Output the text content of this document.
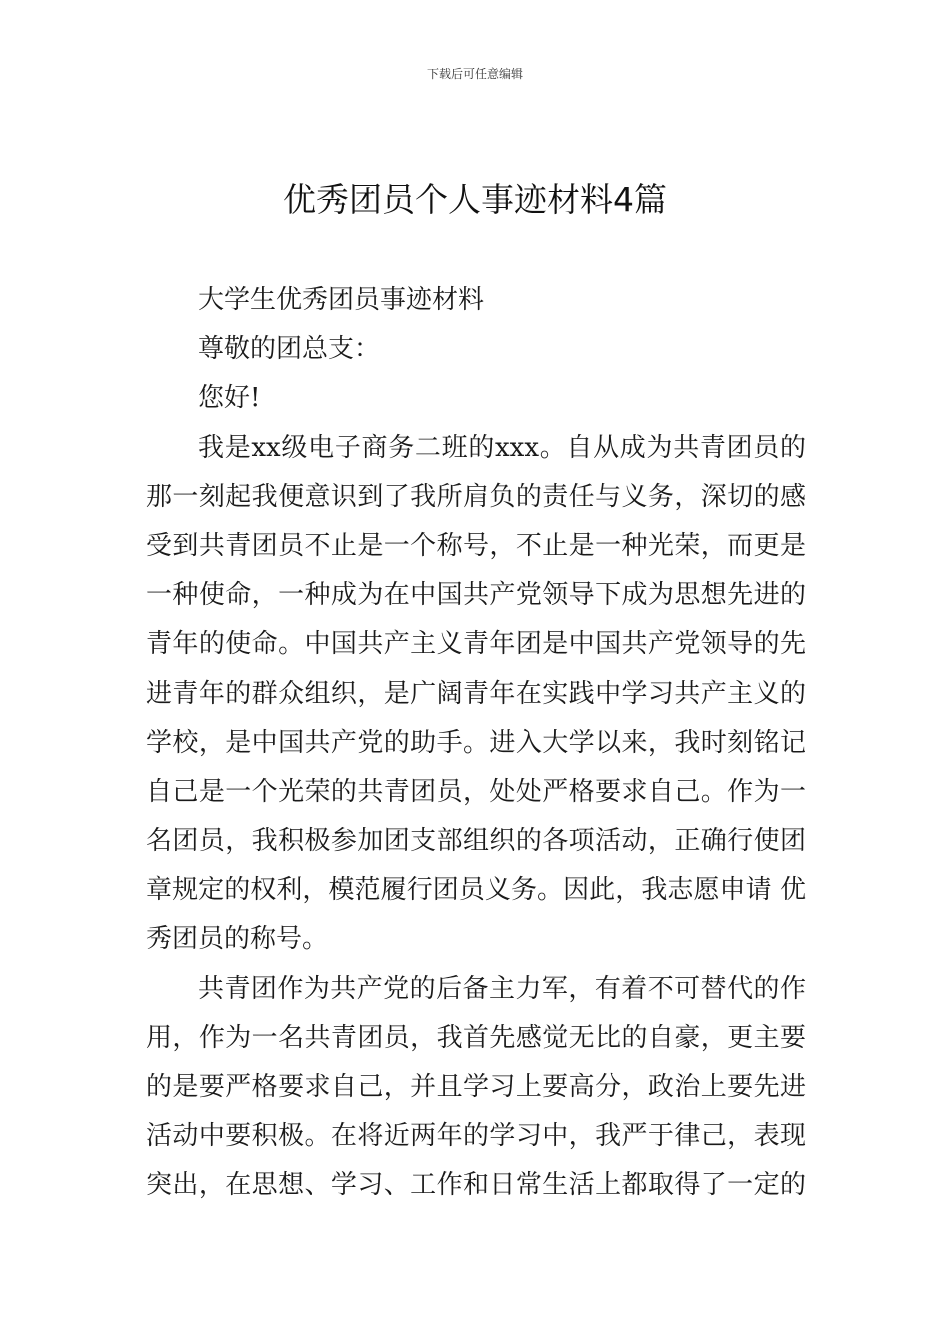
下载后可任意编辑
优秀团员个人事迹材料4篇
大学生优秀团员事迹材料
尊敬的团总支：
您好!
我是xx级电子商务二班的xxx。自从成为共青团员的
那一刻起我便意识到了我所肩负的责任与义务，深切的感
受到共青团员不止是一个称号，不止是一种光荣，而更是
一种使命，一种成为在中国共产党领导下成为思想先进的
青年的使命。中国共产主义青年团是中国共产党领导的先
进青年的群众组织，是广阔青年在实践中学习共产主义的
学校，是中国共产党的助手。进入大学以来，我时刻铭记
自己是一个光荣的共青团员，处处严格要求自己。作为一
名团员，我积极参加团支部组织的各项活动，正确行使团
章规定的权利，模范履行团员义务。因此，我志愿申请 优
秀团员的称号。
共青团作为共产党的后备主力军，有着不可替代的作
用，作为一名共青团员，我首先感觉无比的自豪，更主要
的是要严格要求自己，并且学习上要高分，政治上要先进
活动中要积极。在将近两年的学习中，我严于律己，表现
突出，在思想、学习、工作和日常生活上都取得了一定的
